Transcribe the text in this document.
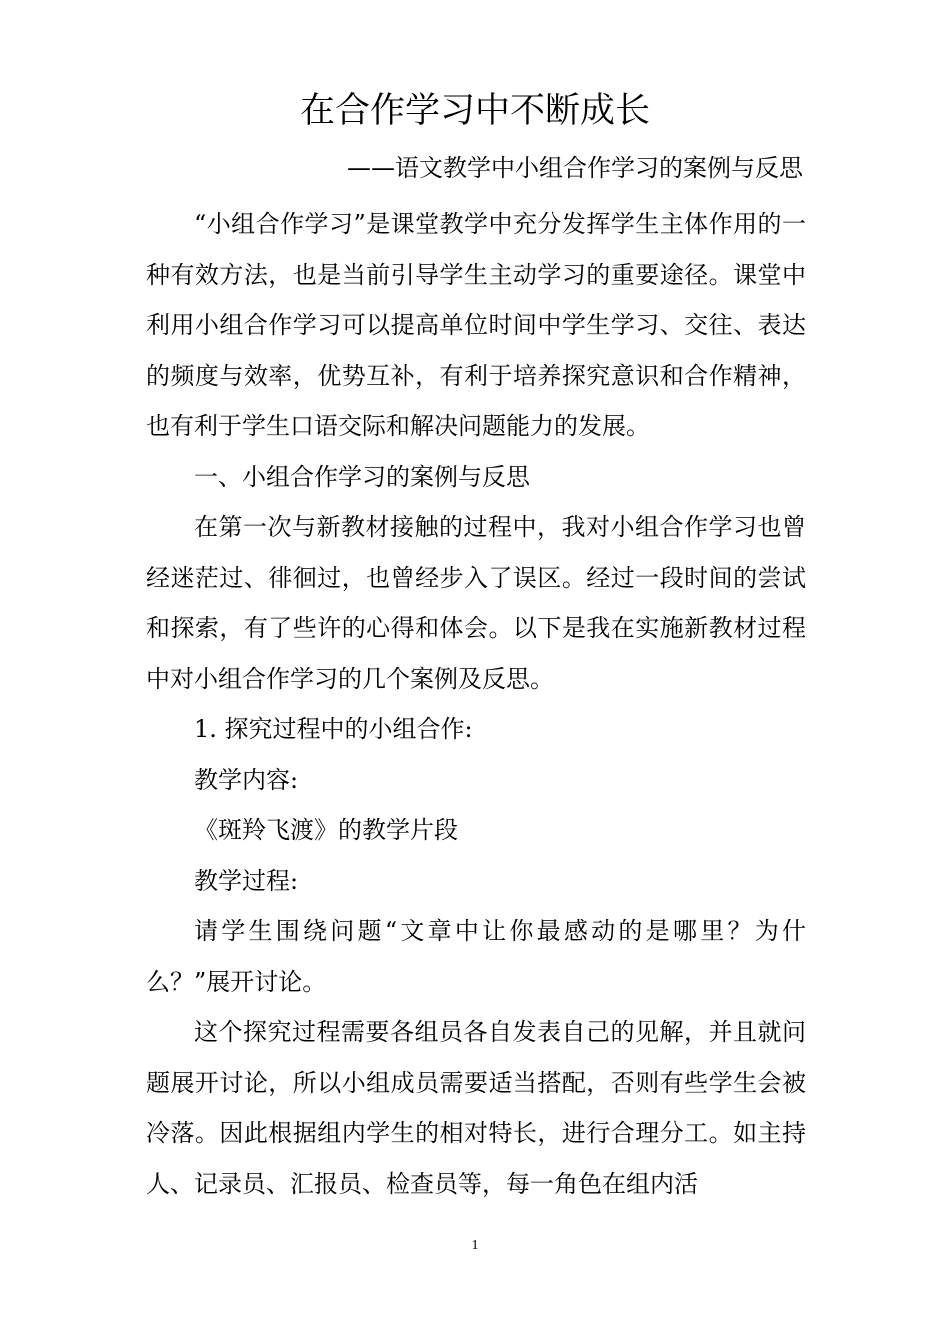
在合作学习中不断成长
——语文教学中小组合作学习的案例与反思

“小组合作学习”是课堂教学中充分发挥学生主体作用的一种有效方法，也是当前引导学生主动学习的重要途径。课堂中利用小组合作学习可以提高单位时间中学生学习、交往、表达的频度与效率，优势互补，有利于培养探究意识和合作精神，也有利于学生口语交际和解决问题能力的发展。

一、小组合作学习的案例与反思

在第一次与新教材接触的过程中，我对小组合作学习也曾经迷茫过、徘徊过，也曾经步入了误区。经过一段时间的尝试和探索，有了些许的心得和体会。以下是我在实施新教材过程中对小组合作学习的几个案例及反思。

1. 探究过程中的小组合作:

教学内容:

《斑羚飞渡》的教学片段

教学过程:

请学生围绕问题“文章中让你最感动的是哪里？为什么？”展开讨论。

这个探究过程需要各组员各自发表自己的见解，并且就问题展开讨论，所以小组成员需要适当搭配，否则有些学生会被冷落。因此根据组内学生的相对特长，进行合理分工。如主持人、记录员、汇报员、检查员等，每一角色在组内活

1
